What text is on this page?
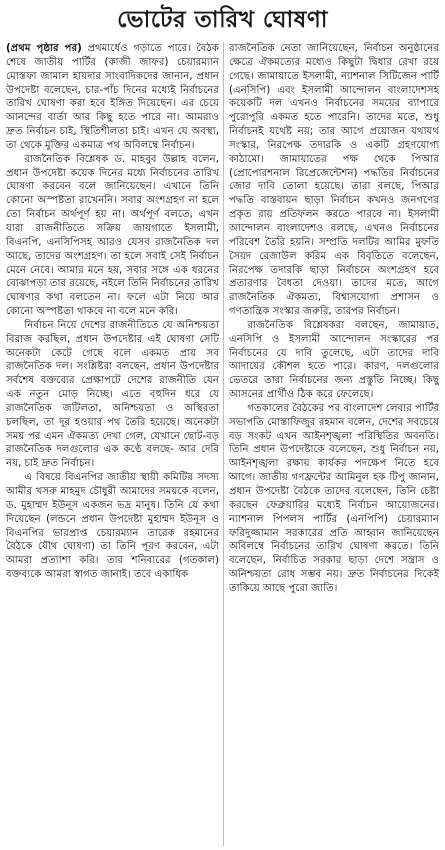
ভোটের তারিখ ঘোষণা

(প্রথম পৃষ্ঠার পর) প্রথমার্ধেও গড়াতে পারে। বৈঠক শেষে জাতীয় পার্টির (কাজী জাফর) চেয়ারম্যান মোস্তফা জামাল হায়দার সাংবাদিকদের জানান, প্রধান উপদেষ্টা বলেছেন, চার-পাঁচ দিনের মধ্যেই নির্বাচনের তারিখ ঘোষণা করা হবে ইঙ্গিত দিয়েছেন। এর চেয়ে আনন্দের বার্তা আর কিছু হতে পারে না। আমরাও দ্রুত নির্বাচন চাই, স্থিতিশীলতা চাই। এখন যে অবস্থা, তা থেকে মুক্তির একমাত্র পথ অবিলম্বে নির্বাচন।

রাজনৈতিক বিশ্লেষক ড. মাহবুব উল্লাহ বলেন, প্রধান উপদেষ্টা কয়েক দিনের মধ্যে নির্বাচনের তারিখ ঘোষণা করবেন বলে জানিয়েছেন। এখানে তিনি কোনো অস্পষ্টতা রাখেননি। সবার অংশগ্রহণ না হলে তো নির্বাচন অর্থপূর্ণ হয় না। অর্থপূর্ণ বলতে, এখন যারা রাজনীতিতে সক্রিয় জায়গাতে ইসলামী, বিএনপি, এনসিপিসহ আরও যেসব রাজনৈতিক দল আছে, তাদের অংশগ্রহণ। তা হলে সবাই সেই নির্বাচন মেনে নেবে। আমার মনে হয়, সবার সঙ্গে এক ধরনের বোঝাপড়া তার রয়েছে, নইলে তিনি নির্বাচনের তারিখ ঘোষণার কথা বলতেন না। ফলে এটা নিয়ে আর কোনো অস্পষ্টতা থাকবে না বলে মনে করি।

নির্বাচন নিয়ে দেশের রাজনীতিতে যে অনিশ্চয়তা বিরাজ করছিল, প্রধান উপদেষ্টার এই ঘোষণা সেটি অনেকটা কেটে গেছে বলে একমত প্রায় সব রাজনৈতিক দল। সংশ্লিষ্টরা বলছেন, প্রধান উপদেষ্টার সর্বশেষ বক্তব্যের প্রেক্ষাপটে দেশের রাজনীতি যেন এক নতুন মোড় নিচ্ছে। এতে বহুদিন ধরে যে রাজনৈতিক জটিলতা, অনিশ্চয়তা ও অস্থিরতা চলছিল, তা দূর হওয়ার পথ তৈরি হয়েছে। অনেকটা সময় পর এমন ঐকমত্য দেখা গেল, যেখানে ছোট-বড় রাজনৈতিক দলগুলোর এক কণ্ঠে বলছে- আর দেরি নয়, চাই দ্রুত নির্বাচন।

এ বিষয়ে বিএনপির জাতীয় স্থায়ী কমিটির সদস্য আমীর খসরু মাহমুদ চৌধুরী আমাদের সময়কে বলেন, ড. মুহাম্মদ ইউনূস একজন ভদ্র মানুষ। তিনি যে কথা দিয়েছেন (লন্ডনে প্রধান উপদেষ্টা মুহাম্মদ ইউনূস ও বিএনপির ভারপ্রাপ্ত চেয়ারম্যান তারেক রহমানের বৈঠকে যৌথ ঘোষণা) তা তিনি পূরণ করবেন, এটা আমরা প্রত্যাশা করি। তার শনিবারের (গতকাল) বক্তব্যকে আমরা স্বাগত জানাই। তবে একাধিক

রাজনৈতিক নেতা জানিয়েছেন, নির্বাচন অনুষ্ঠানের ক্ষেত্রে ঐকমত্যের মধ্যেও কিছুটা দ্বিধার রেখা রয়ে গেছে। জামায়াতে ইসলামী, ন্যাশনাল সিটিজেন পার্টি (এনসিপি) এবং ইসলামী আন্দোলন বাংলাদেশসহ কয়েকটি দল এখনও নির্বাচনের সময়ের ব্যাপারে পুরোপুরি একমত হতে পারেনি। তাদের মতে, শুধু নির্বাচনই যথেষ্ট নয়; তার আগে প্রয়োজন যথাযথ সংস্কার, নিরপেক্ষ তদারকি ও একটি গ্রহণযোগ্য কাঠামো। জামায়াতের পক্ষ থেকে পিআর (প্রোপোরশনাল রিপ্রেজেন্টেশন) পদ্ধতির নির্বাচনের জোর দাবি তোলা হয়েছে। তারা বলছে, পিআর পদ্ধতি বাস্তবায়ন ছাড়া নির্বাচন কখনও জনগণের প্রকৃত রায় প্রতিফলন করতে পারবে না। ইসলামী আন্দোলন বাংলাদেশও বলছে, এখনও নির্বাচনের পরিবেশ তৈরি হয়নি। সম্প্রতি দলটির আমির মুফতি সৈয়দ রেজাউল করিম এক বিবৃতিতে বলেছেন, নিরপেক্ষ তদারকি ছাড়া নির্বাচনে অংশগ্রহণ হবে প্রতারণার বৈধতা দেওয়া। তাদের মতে, আগে রাজনৈতিক ঐকমত্য, বিশ্বাসযোগ্য প্রশাসন ও গণতান্ত্রিক সংস্কার জরুরি, তারপর নির্বাচন।

রাজনৈতিক বিশ্লেষকরা বলছেন, জামায়াত, এনসিপি ও ইসলামী আন্দোলন সংস্কারের পর নির্বাচনের যে দাবি তুলেছে, এটা তাদের দাবি আদায়ের কৌশল হতে পারে। কারণ, দলগুলোর ভেতরে তারা নির্বাচনের জন্য প্রস্তুতি নিচ্ছে। কিছু আসনের প্রার্থীও ঠিক করে ফেলেছে।

গতকালের বৈঠকের পর বাংলাদেশ লেবার পার্টির সভাপতি মোস্তাফিজুর রহমান বলেন, দেশের সবচেয়ে বড় সংকট এখন আইনশৃঙ্খলা পরিস্থিতির অবনতি। তিনি প্রধান উপদেষ্টাকে বলেছেন, শুধু নির্বাচন নয়, আইনশৃঙ্খলা রক্ষায় কার্যকর পদক্ষেপ নিতে হবে আগে। জাতীয় গণফ্রন্টের আমিনুল হক টিপু জানান, প্রধান উপদেষ্টা বৈঠকে তাদের বলেছেন, তিনি চেষ্টা করছেন ফেব্রুয়ারির মধ্যেই নির্বাচন আয়োজনের। ন্যাশনাল পিপলস পার্টির (এনপিপি) চেয়ারম্যান ফরিদুজ্জামান সরকারের প্রতি আহ্বান জানিয়েছেন অবিলম্বে নির্বাচনের তারিখ ঘোষণা করতে। তিনি বলেছেন, নির্বাচিত সরকার ছাড়া দেশে সন্ত্রাস ও অনিশ্চয়তা রোধ সম্ভব নয়। দ্রুত নির্বাচনের দিকেই তাকিয়ে আছে পুরো জাতি।
